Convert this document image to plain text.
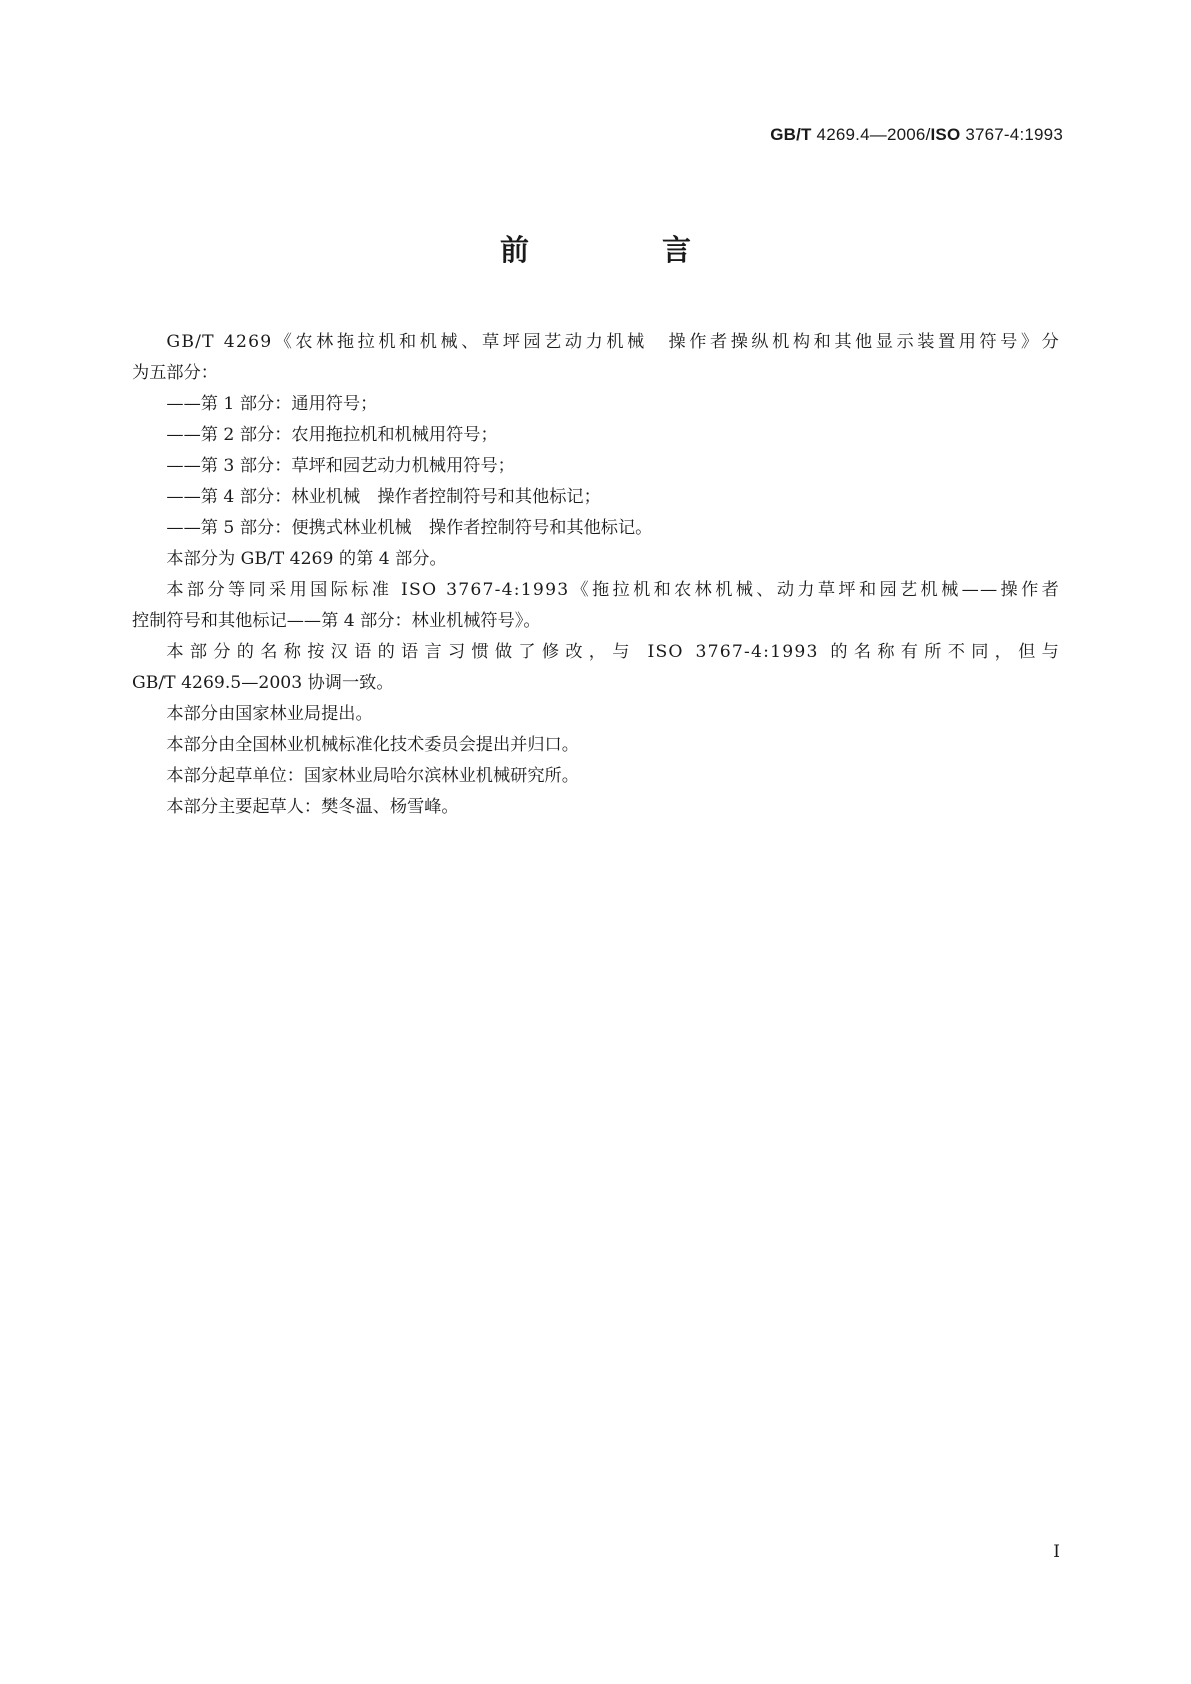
GB/T 4269.4—2006/ISO 3767-4:1993
前　言

GB/T 4269《农林拖拉机和机械、草坪园艺动力机械　操作者操纵机构和其他显示装置用符号》分

为五部分：

——第 1 部分：通用符号；

——第 2 部分：农用拖拉机和机械用符号；

——第 3 部分：草坪和园艺动力机械用符号；

——第 4 部分：林业机械　操作者控制符号和其他标记；

——第 5 部分：便携式林业机械　操作者控制符号和其他标记。

本部分为 GB/T 4269 的第 4 部分。

本部分等同采用国际标准 ISO 3767-4:1993《拖拉机和农林机械、动力草坪和园艺机械——操作者

控制符号和其他标记——第 4 部分：林业机械符号》。

本部分的名称按汉语的语言习惯做了修改，与 ISO 3767-4:1993 的名称有所不同，但与

GB/T 4269.5—2003 协调一致。

本部分由国家林业局提出。

本部分由全国林业机械标准化技术委员会提出并归口。

本部分起草单位：国家林业局哈尔滨林业机械研究所。

本部分主要起草人：樊冬温、杨雪峰。

I
